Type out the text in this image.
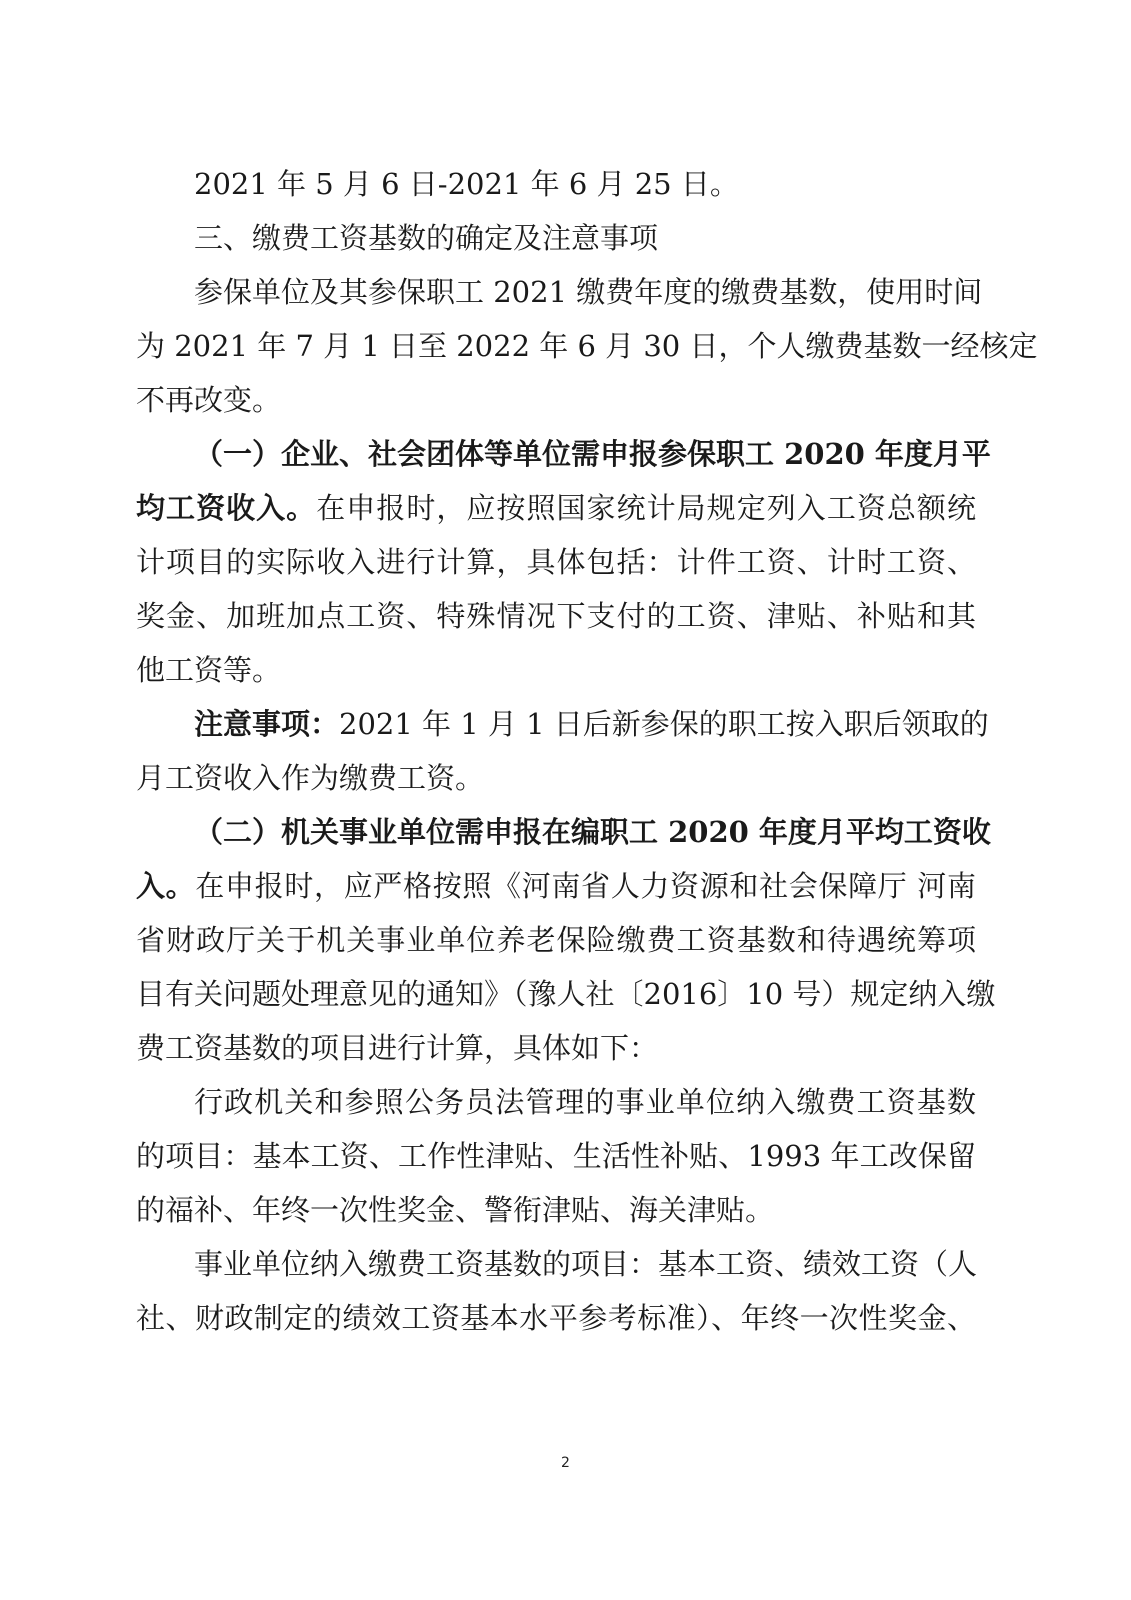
2021 年 5 月 6 日-2021 年 6 月 25 日。
三、缴费工资基数的确定及注意事项
参保单位及其参保职工 2021 缴费年度的缴费基数，使用时间
为 2021 年 7 月 1 日至 2022 年 6 月 30 日，个人缴费基数一经核定
不再改变。
（一）企业、社会团体等单位需申报参保职工 2020 年度月平
均工资收入。在申报时，应按照国家统计局规定列入工资总额统
计项目的实际收入进行计算，具体包括：计件工资、计时工资、
奖金、加班加点工资、特殊情况下支付的工资、津贴、补贴和其
他工资等。
注意事项：2021 年 1 月 1 日后新参保的职工按入职后领取的
月工资收入作为缴费工资。
（二）机关事业单位需申报在编职工 2020 年度月平均工资收
入。在申报时，应严格按照《河南省人力资源和社会保障厅 河南
省财政厅关于机关事业单位养老保险缴费工资基数和待遇统筹项
目有关问题处理意见的通知》（豫人社〔2016〕10 号）规定纳入缴
费工资基数的项目进行计算，具体如下：
行政机关和参照公务员法管理的事业单位纳入缴费工资基数
的项目：基本工资、工作性津贴、生活性补贴、1993 年工改保留
的福补、年终一次性奖金、警衔津贴、海关津贴。
事业单位纳入缴费工资基数的项目：基本工资、绩效工资（人
社、财政制定的绩效工资基本水平参考标准）、年终一次性奖金、
2
